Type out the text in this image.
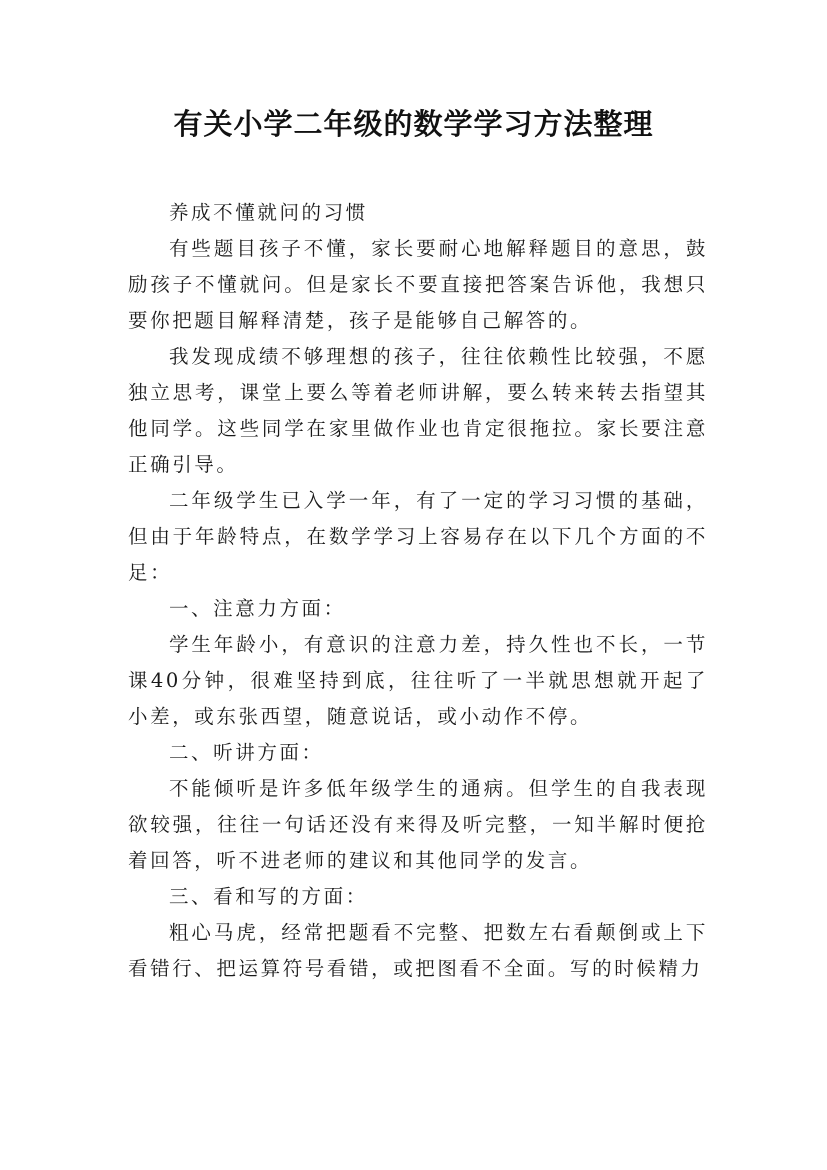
有关小学二年级的数学学习方法整理

养成不懂就问的习惯

有些题目孩子不懂，家长要耐心地解释题目的意思，鼓励孩子不懂就问。但是家长不要直接把答案告诉他，我想只要你把题目解释清楚，孩子是能够自己解答的。

我发现成绩不够理想的孩子，往往依赖性比较强，不愿独立思考，课堂上要么等着老师讲解，要么转来转去指望其他同学。这些同学在家里做作业也肯定很拖拉。家长要注意正确引导。

二年级学生已入学一年，有了一定的学习习惯的基础，但由于年龄特点，在数学学习上容易存在以下几个方面的不足：

一、注意力方面：

学生年龄小，有意识的注意力差，持久性也不长，一节课40分钟，很难坚持到底，往往听了一半就思想就开起了小差，或东张西望，随意说话，或小动作不停。

二、听讲方面：

不能倾听是许多低年级学生的通病。但学生的自我表现欲较强，往往一句话还没有来得及听完整，一知半解时便抢着回答，听不进老师的建议和其他同学的发言。

三、看和写的方面：

粗心马虎，经常把题看不完整、把数左右看颠倒或上下看错行、把运算符号看错，或把图看不全面。写的时候精力
